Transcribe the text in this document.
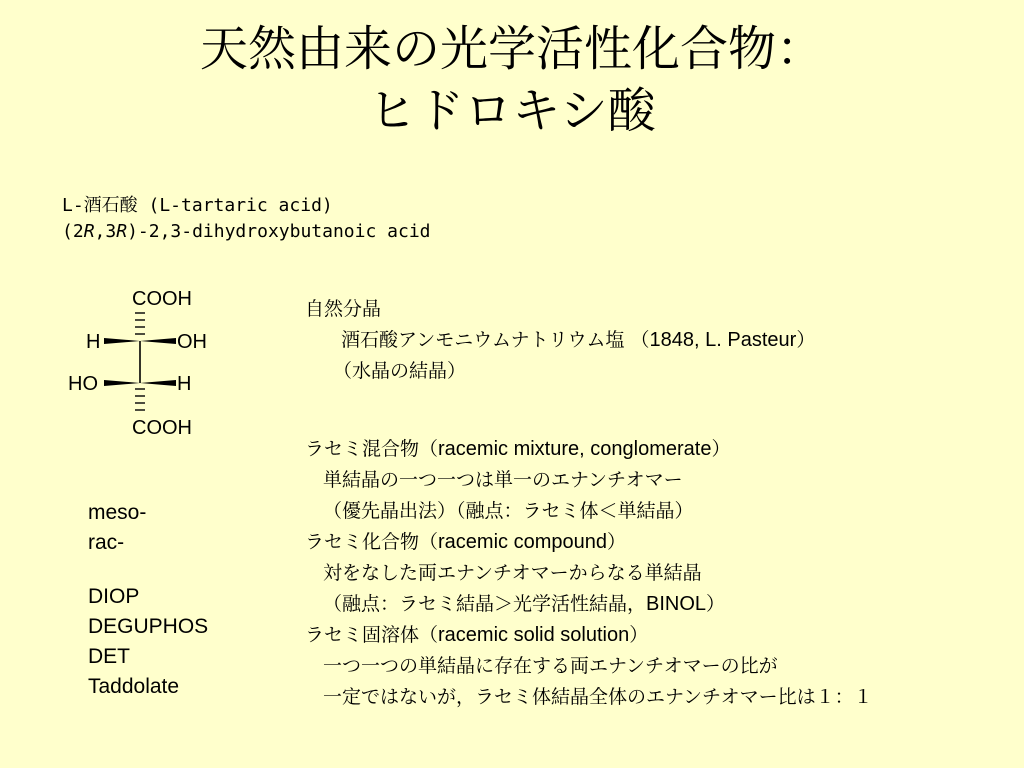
天然由来の光学活性化合物：
ヒドロキシ酸
L-酒石酸 (L-tartaric acid)
(2R,3R)-2,3-dihydroxybutanoic acid
COOH
H	OH
HO	H
COOH
meso-
rac-
DIOP
DEGUPHOS
DET
Taddolate
自然分晶
酒石酸アンモニウムナトリウム塩 （1848, L. Pasteur）
（水晶の結晶）
ラセミ混合物（racemic mixture, conglomerate）
単結晶の一つ一つは単一のエナンチオマー
（優先晶出法）（融点：ラセミ体＜単結晶）
ラセミ化合物（racemic compound）
対をなした両エナンチオマーからなる単結晶
（融点：ラセミ結晶＞光学活性結晶，BINOL）
ラセミ固溶体（racemic solid solution）
一つ一つの単結晶に存在する両エナンチオマーの比が
一定ではないが，ラセミ体結晶全体のエナンチオマー比は１：１
